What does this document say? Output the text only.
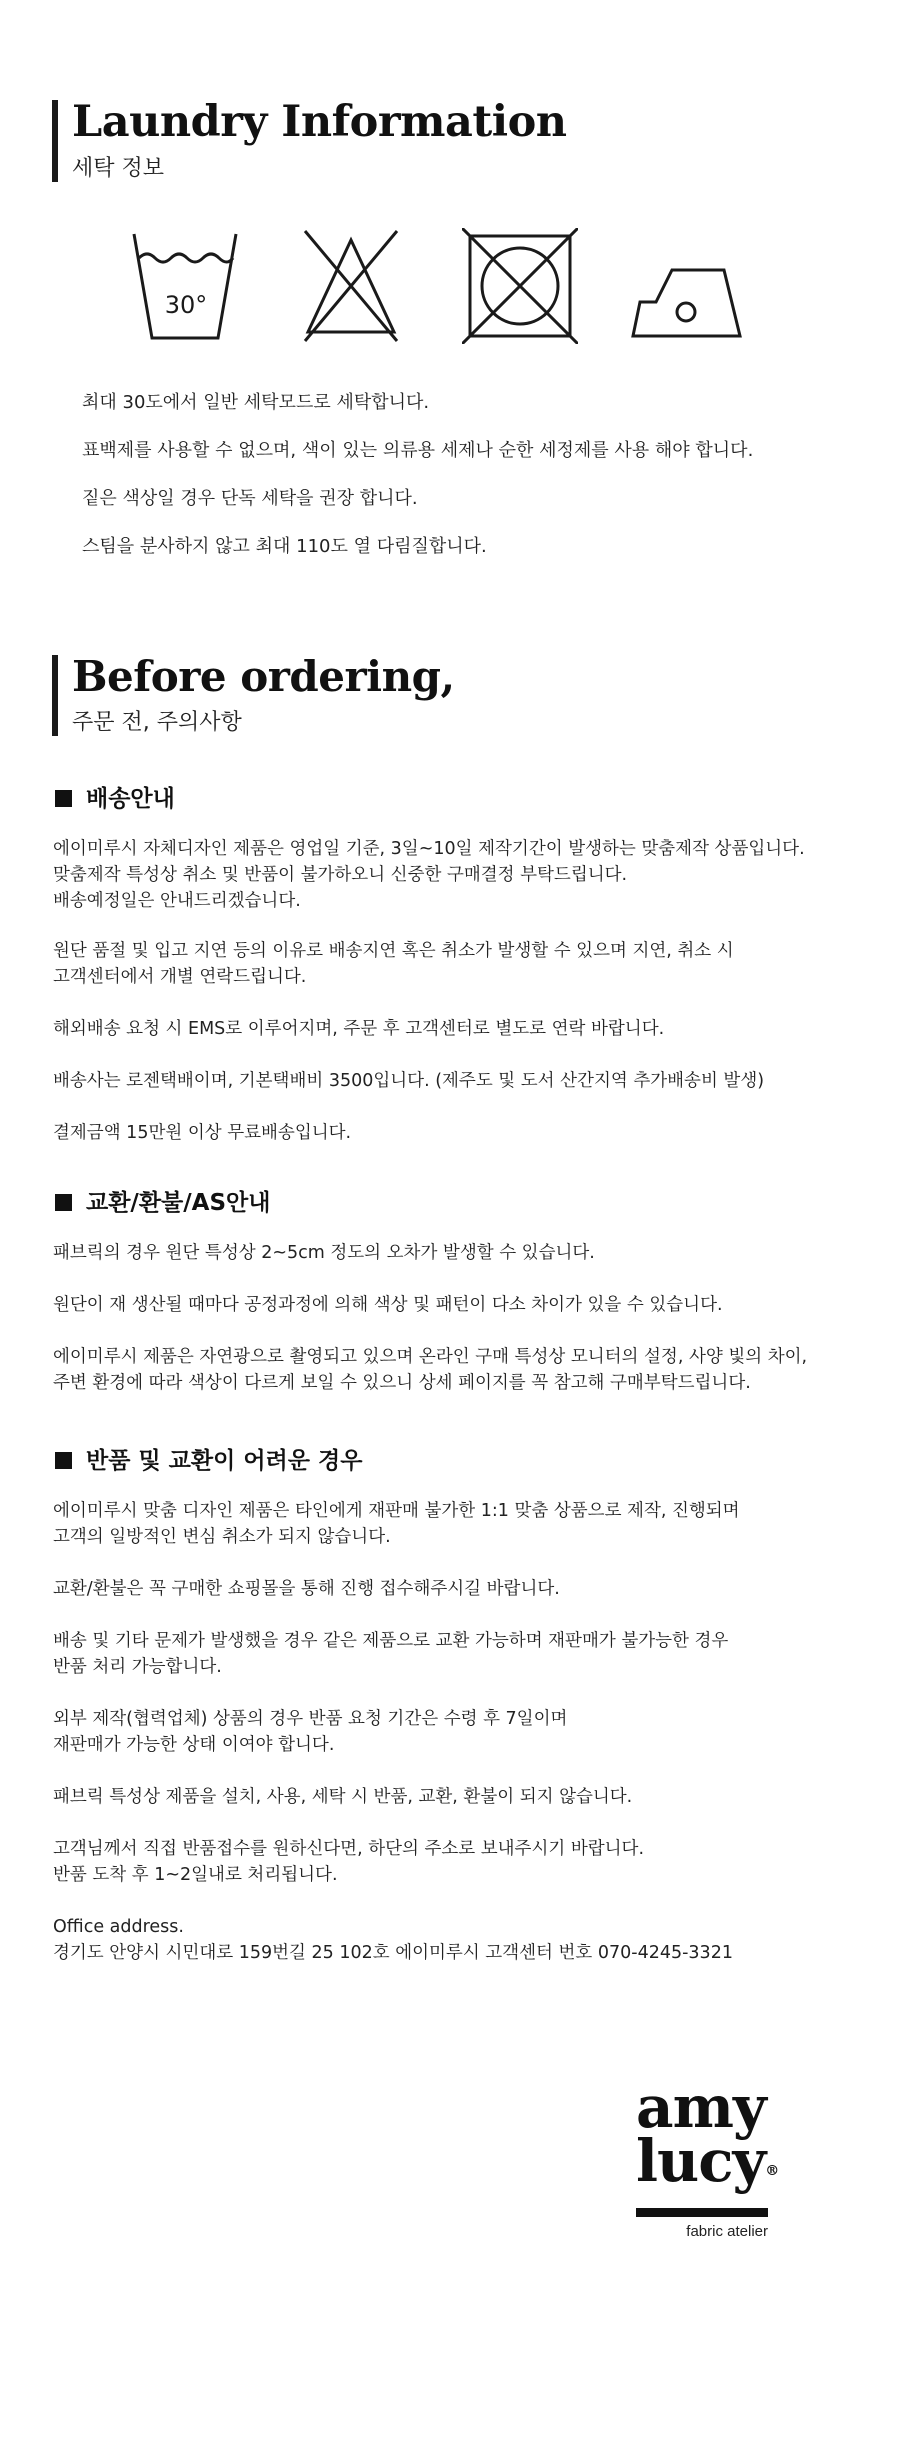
Laundry Information
세탁 정보
30°
최대 30도에서 일반 세탁모드로 세탁합니다.
표백제를 사용할 수 없으며, 색이 있는 의류용 세제나 순한 세정제를 사용 해야 합니다.
짙은 색상일 경우 단독 세탁을 권장 합니다.
스팀을 분사하지 않고 최대 110도 열 다림질합니다.
Before ordering,
주문 전, 주의사항
배송안내
에이미루시 자체디자인 제품은 영업일 기준, 3일~10일 제작기간이 발생하는 맞춤제작 상품입니다.
맞춤제작 특성상 취소 및 반품이 불가하오니 신중한 구매결정 부탁드립니다.
배송예정일은 안내드리겠습니다.
원단 품절 및 입고 지연 등의 이유로 배송지연 혹은 취소가 발생할 수 있으며 지연, 취소 시
고객센터에서 개별 연락드립니다.
해외배송 요청 시 EMS로 이루어지며, 주문 후 고객센터로 별도로 연락 바랍니다.
배송사는 로젠택배이며, 기본택배비 3500입니다. (제주도 및 도서 산간지역 추가배송비 발생)
결제금액 15만원 이상 무료배송입니다.
교환/환불/AS안내
패브릭의 경우 원단 특성상 2~5cm 정도의 오차가 발생할 수 있습니다.
원단이 재 생산될 때마다 공정과정에 의해 색상 및 패턴이 다소 차이가 있을 수 있습니다.
에이미루시 제품은 자연광으로 촬영되고 있으며 온라인 구매 특성상 모니터의 설정, 사양 빛의 차이,
주변 환경에 따라 색상이 다르게 보일 수 있으니 상세 페이지를 꼭 참고해 구매부탁드립니다.
반품 및 교환이 어려운 경우
에이미루시 맞춤 디자인 제품은 타인에게 재판매 불가한 1:1 맞춤 상품으로 제작, 진행되며
고객의 일방적인 변심 취소가 되지 않습니다.
교환/환불은 꼭 구매한 쇼핑몰을 통해 진행 접수해주시길 바랍니다.
배송 및 기타 문제가 발생했을 경우 같은 제품으로 교환 가능하며 재판매가 불가능한 경우
반품 처리 가능합니다.
외부 제작(협력업체) 상품의 경우 반품 요청 기간은 수령 후 7일이며
재판매가 가능한 상태 이여야 합니다.
패브릭 특성상 제품을 설치, 사용, 세탁 시 반품, 교환, 환불이 되지 않습니다.
고객님께서 직접 반품접수를 원하신다면, 하단의 주소로 보내주시기 바랍니다.
반품 도착 후 1~2일내로 처리됩니다.
Office address.
경기도 안양시 시민대로 159번길 25 102호 에이미루시 고객센터 번호 070-4245-3321
amy
lucy®
fabric atelier
